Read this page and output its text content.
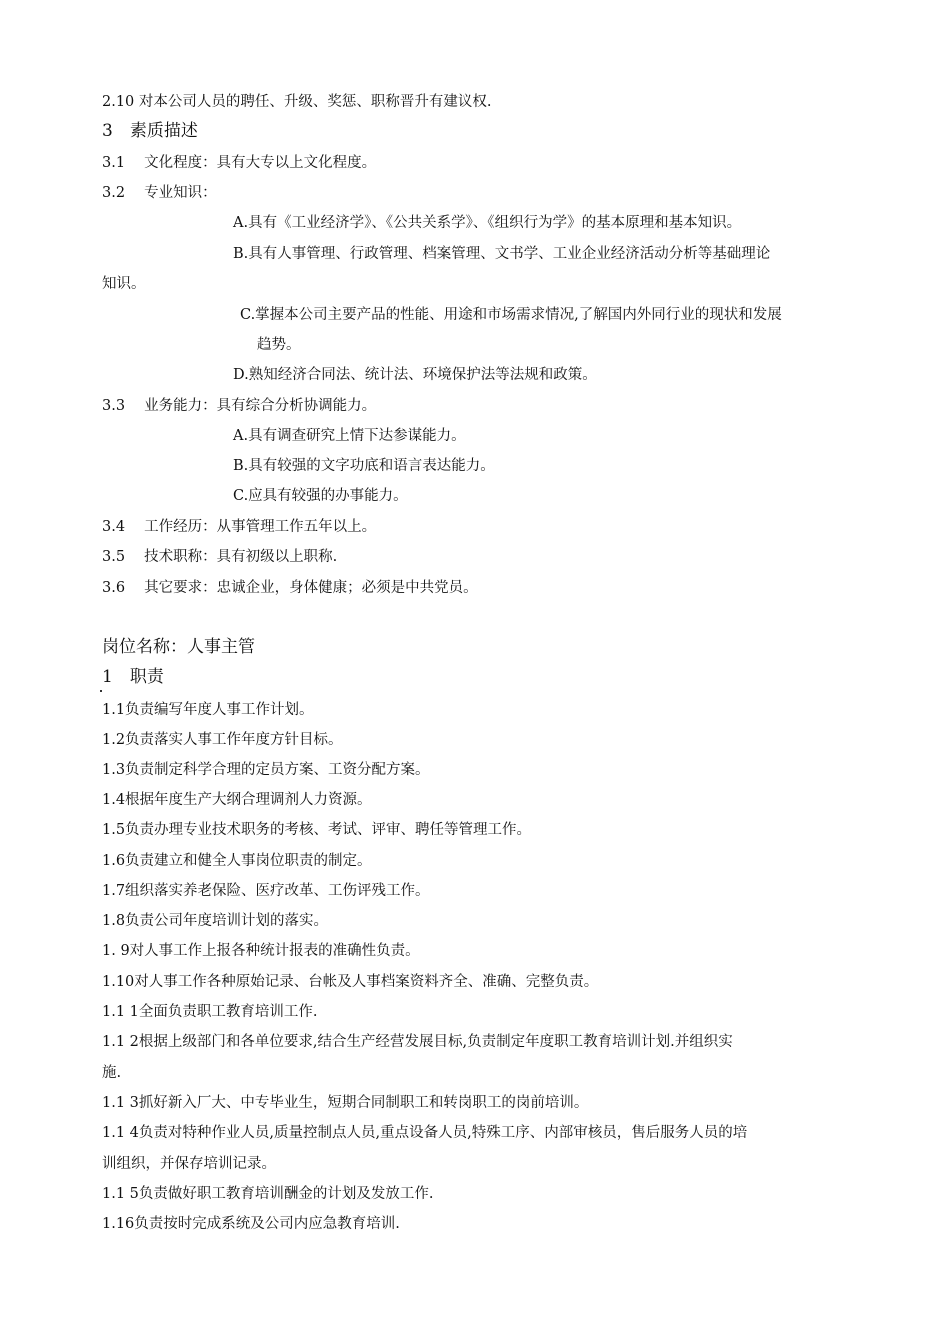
2.10 对本公司人员的聘任、升级、奖惩、职称晋升有建议权.
3　素质描述
3.1　 文化程度：具有大专以上文化程度。
3.2　 专业知识：
A.具有《工业经济学》、《公共关系学》、《组织行为学》的基本原理和基本知识。
B.具有人事管理、行政管理、档案管理、文书学、工业企业经济活动分析等基础理论
知识。
C.掌握本公司主要产品的性能、用途和市场需求情况,了解国内外同行业的现状和发展
趋势。
D.熟知经济合同法、统计法、环境保护法等法规和政策。
3.3　 业务能力：具有综合分析协调能力。
A.具有调查研究上情下达参谋能力。
B.具有较强的文字功底和语言表达能力。
C.应具有较强的办事能力。
3.4　 工作经历：从事管理工作五年以上。
3.5　 技术职称：具有初级以上职称.
3.6　 其它要求：忠诚企业，身体健康；必须是中共党员。
岗位名称：人事主管
1　职责
1.1负责编写年度人事工作计划。
1.2负责落实人事工作年度方针目标。
1.3负责制定科学合理的定员方案、工资分配方案。
1.4根据年度生产大纲合理调剂人力资源。
1.5负责办理专业技术职务的考核、考试、评审、聘任等管理工作。
1.6负责建立和健全人事岗位职责的制定。
1.7组织落实养老保险、医疗改革、工伤评残工作。
1.8负责公司年度培训计划的落实。
1. 9对人事工作上报各种统计报表的准确性负责。
1.10对人事工作各种原始记录、台帐及人事档案资料齐全、准确、完整负责。
1.1 1全面负责职工教育培训工作.
1.1 2根据上级部门和各单位要求,结合生产经营发展目标,负责制定年度职工教育培训计划.并组织实
施.
1.1 3抓好新入厂大、中专毕业生，短期合同制职工和转岗职工的岗前培训。
1.1 4负责对特种作业人员,质量控制点人员,重点设备人员,特殊工序、内部审核员，售后服务人员的培
训组织，并保存培训记录。
1.1 5负责做好职工教育培训酬金的计划及发放工作.
1.16负责按时完成系统及公司内应急教育培训.
